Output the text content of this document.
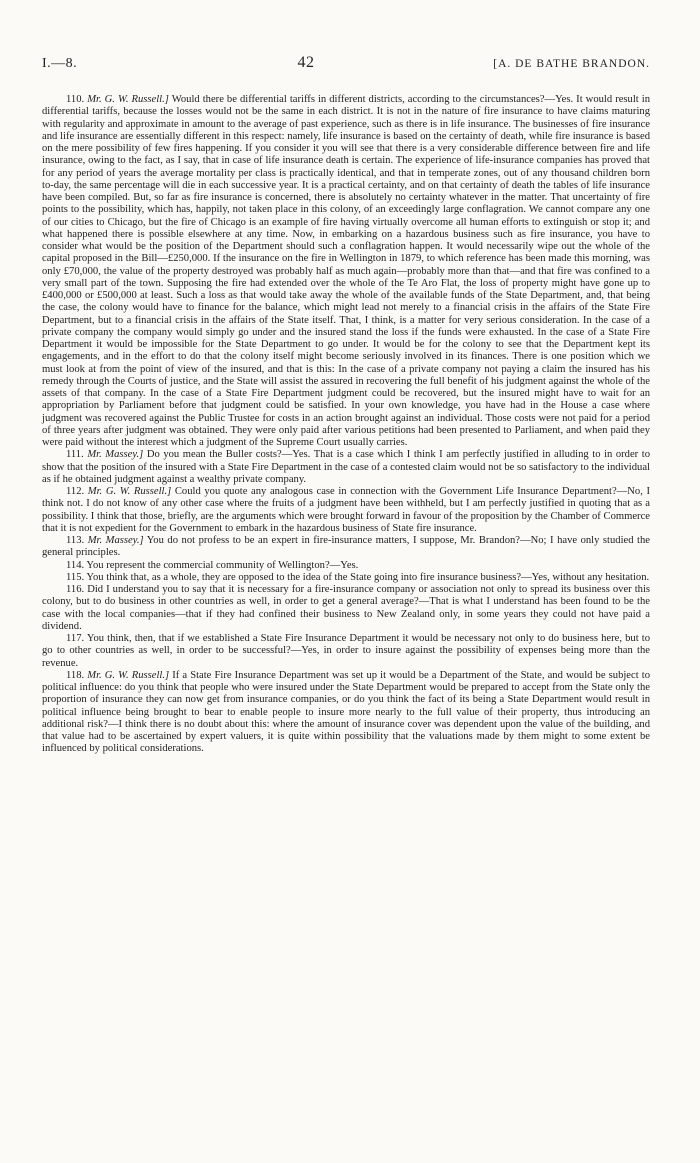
I.—8.	42	[A. DE BATHE BRANDON.

110. Mr. G. W. Russell.] Would there be differential tariffs in different districts, according to the circumstances?—Yes. It would result in differential tariffs, because the losses would not be the same in each district. It is not in the nature of fire insurance to have claims maturing with regularity and approximate in amount to the average of past experience, such as there is in life insurance. The businesses of fire insurance and life insurance are essentially different in this respect: namely, life insurance is based on the certainty of death, while fire insurance is based on the mere possibility of few fires happening. If you consider it you will see that there is a very considerable difference between fire and life insurance, owing to the fact, as I say, that in case of life insurance death is certain. The experience of life-insurance companies has proved that for any period of years the average mortality per class is practically identical, and that in temperate zones, out of any thousand children born to-day, the same percentage will die in each successive year. It is a practical certainty, and on that certainty of death the tables of life insurance have been compiled. But, so far as fire insurance is concerned, there is absolutely no certainty whatever in the matter. That uncertainty of fire points to the possibility, which has, happily, not taken place in this colony, of an exceedingly large conflagration. We cannot compare any one of our cities to Chicago, but the fire of Chicago is an example of fire having virtually overcome all human efforts to extinguish or stop it; and what happened there is possible elsewhere at any time. Now, in embarking on a hazardous business such as fire insurance, you have to consider what would be the position of the Department should such a conflagration happen. It would necessarily wipe out the whole of the capital proposed in the Bill—£250,000. If the insurance on the fire in Wellington in 1879, to which reference has been made this morning, was only £70,000, the value of the property destroyed was probably half as much again—probably more than that—and that fire was confined to a very small part of the town. Supposing the fire had extended over the whole of the Te Aro Flat, the loss of property might have gone up to £400,000 or £500,000 at least. Such a loss as that would take away the whole of the available funds of the State Department, and, that being the case, the colony would have to finance for the balance, which might lead not merely to a financial crisis in the affairs of the State Fire Department, but to a financial crisis in the affairs of the State itself. That, I think, is a matter for very serious consideration. In the case of a private company the company would simply go under and the insured stand the loss if the funds were exhausted. In the case of a State Fire Department it would be impossible for the State Department to go under. It would be for the colony to see that the Department kept its engagements, and in the effort to do that the colony itself might become seriously involved in its finances. There is one position which we must look at from the point of view of the insured, and that is this: In the case of a private company not paying a claim the insured has his remedy through the Courts of justice, and the State will assist the assured in recovering the full benefit of his judgment against the whole of the assets of that company. In the case of a State Fire Department judgment could be recovered, but the insured might have to wait for an appropriation by Parliament before that judgment could be satisfied. In your own knowledge, you have had in the House a case where judgment was recovered against the Public Trustee for costs in an action brought against an individual. Those costs were not paid for a period of three years after judgment was obtained. They were only paid after various petitions had been presented to Parliament, and when paid they were paid without the interest which a judgment of the Supreme Court usually carries.

111. Mr. Massey.] Do you mean the Buller costs?—Yes. That is a case which I think I am perfectly justified in alluding to in order to show that the position of the insured with a State Fire Department in the case of a contested claim would not be so satisfactory to the individual as if he obtained judgment against a wealthy private company.

112. Mr. G. W. Russell.] Could you quote any analogous case in connection with the Government Life Insurance Department?—No, I think not. I do not know of any other case where the fruits of a judgment have been withheld, but I am perfectly justified in quoting that as a possibility. I think that those, briefly, are the arguments which were brought forward in favour of the proposition by the Chamber of Commerce that it is not expedient for the Government to embark in the hazardous business of State fire insurance.

113. Mr. Massey.] You do not profess to be an expert in fire-insurance matters, I suppose, Mr. Brandon?—No; I have only studied the general principles.

114. You represent the commercial community of Wellington?—Yes.

115. You think that, as a whole, they are opposed to the idea of the State going into fire insurance business?—Yes, without any hesitation.

116. Did I understand you to say that it is necessary for a fire-insurance company or association not only to spread its business over this colony, but to do business in other countries as well, in order to get a general average?—That is what I understand has been found to be the case with the local companies—that if they had confined their business to New Zealand only, in some years they could not have paid a dividend.

117. You think, then, that if we established a State Fire Insurance Department it would be necessary not only to do business here, but to go to other countries as well, in order to be successful?—Yes, in order to insure against the possibility of expenses being more than the revenue.

118. Mr. G. W. Russell.] If a State Fire Insurance Department was set up it would be a Department of the State, and would be subject to political influence: do you think that people who were insured under the State Department would be prepared to accept from the State only the proportion of insurance they can now get from insurance companies, or do you think the fact of its being a State Department would result in political influence being brought to bear to enable people to insure more nearly to the full value of their property, thus introducing an additional risk?—I think there is no doubt about this: where the amount of insurance cover was dependent upon the value of the building, and that value had to be ascertained by expert valuers, it is quite within possibility that the valuations made by them might to some extent be influenced by political considerations.
